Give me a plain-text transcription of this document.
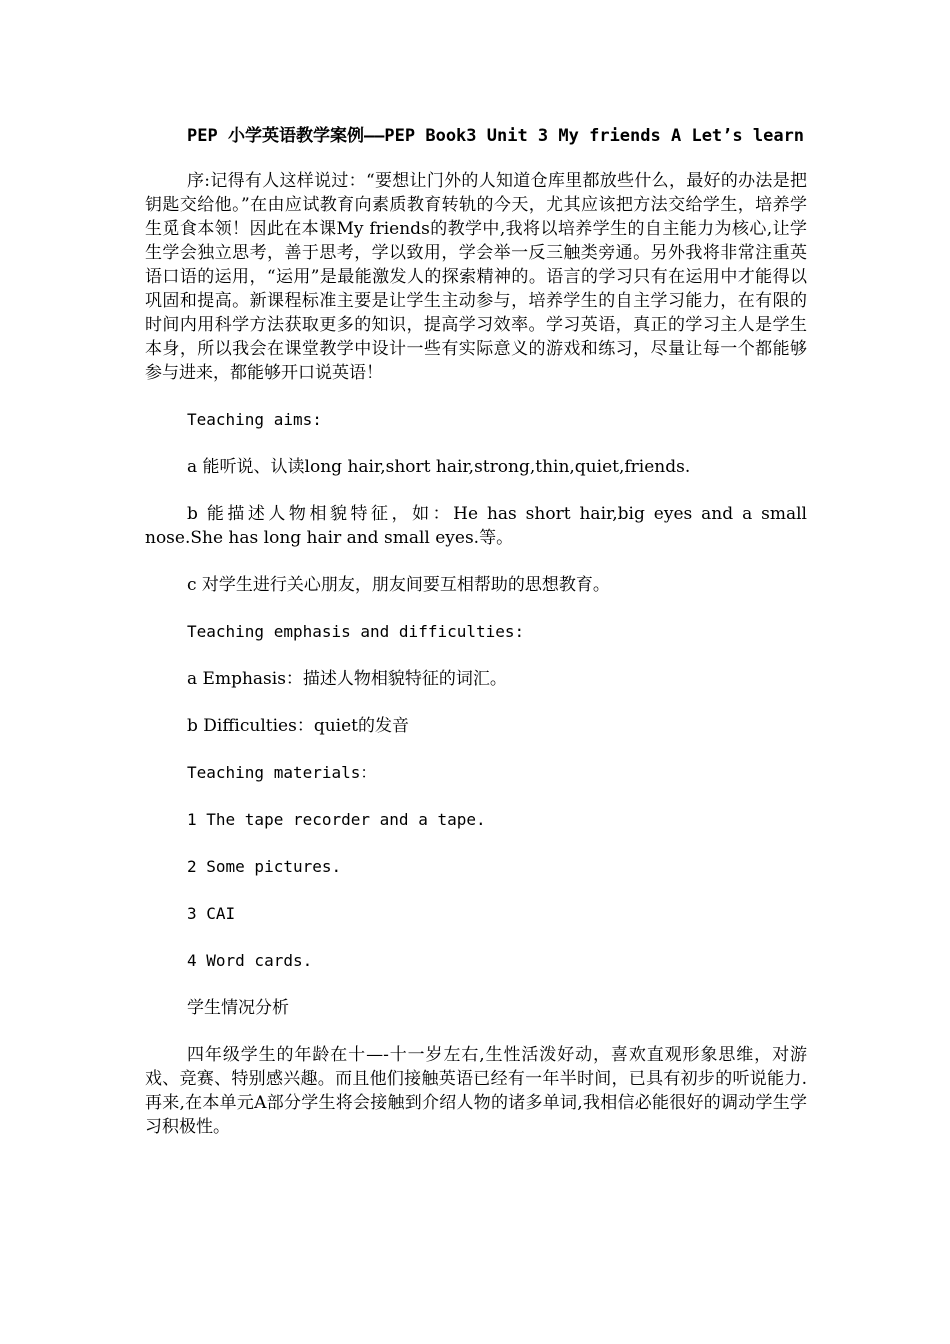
PEP 小学英语教学案例——PEP Book3 Unit 3 My friends A Let’s learn

序:记得有人这样说过：“要想让门外的人知道仓库里都放些什么，最好的办法是把钥匙交给他。”在由应试教育向素质教育转轨的今天，尤其应该把方法交给学生，培养学生觅食本领！因此在本课My friends的教学中,我将以培养学生的自主能力为核心,让学生学会独立思考，善于思考，学以致用，学会举一反三触类旁通。另外我将非常注重英语口语的运用，“运用”是最能激发人的探索精神的。语言的学习只有在运用中才能得以巩固和提高。新课程标准主要是让学生主动参与，培养学生的自主学习能力，在有限的时间内用科学方法获取更多的知识，提高学习效率。学习英语，真正的学习主人是学生本身，所以我会在课堂教学中设计一些有实际意义的游戏和练习，尽量让每一个都能够参与进来，都能够开口说英语！

Teaching aims:

a 能听说、认读long hair,short hair,strong,thin,quiet,friends.

b 能描述人物相貌特征，如：He has short hair,big eyes and a small nose.She has long hair and small eyes.等。

c 对学生进行关心朋友，朋友间要互相帮助的思想教育。

Teaching emphasis and difficulties:

a Emphasis：描述人物相貌特征的词汇。

b Difficulties：quiet的发音

Teaching materials：

1 The tape recorder and a tape.

2 Some pictures.

3 CAI

4 Word cards.

学生情况分析

四年级学生的年龄在十—-十一岁左右,生性活泼好动，喜欢直观形象思维，对游戏、竞赛、特别感兴趣。而且他们接触英语已经有一年半时间，已具有初步的听说能力.再来,在本单元A部分学生将会接触到介绍人物的诸多单词,我相信必能很好的调动学生学习积极性。
